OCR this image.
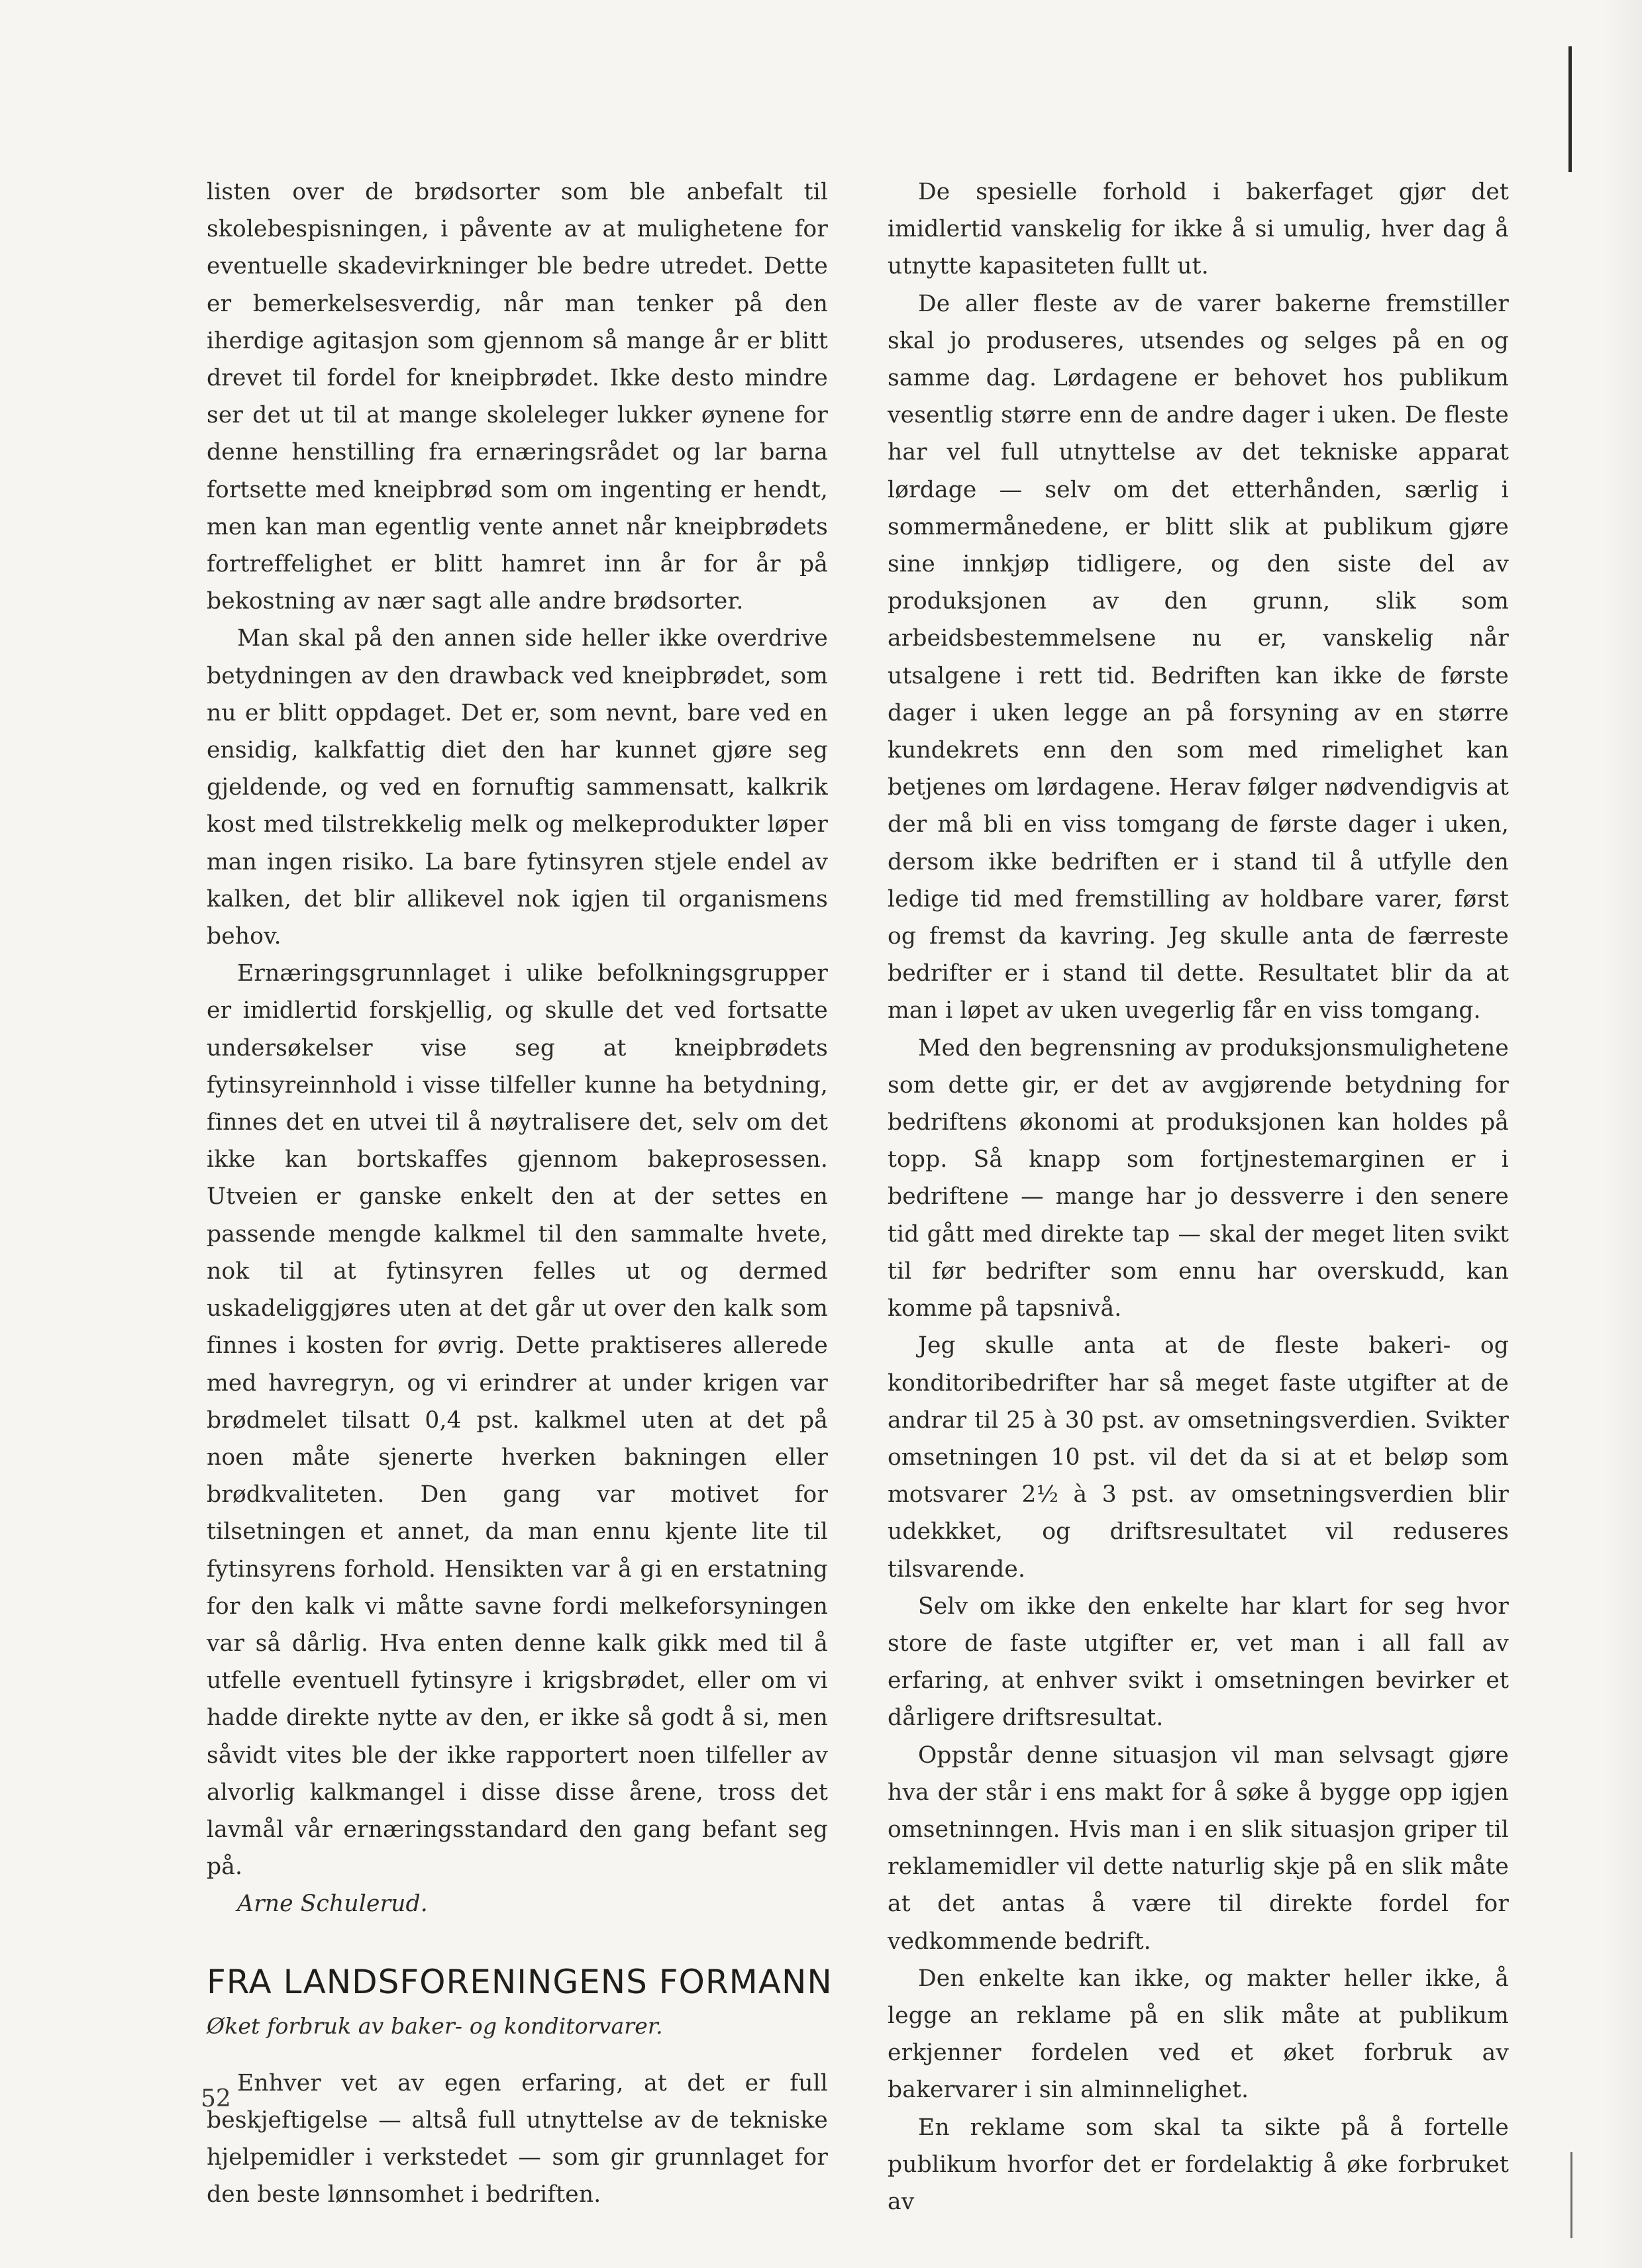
listen over de brødsorter som ble anbefalt til skolebespisningen, i påvente av at mulighetene for eventuelle skadevirkninger ble bedre utredet. Dette er bemerkelsesverdig, når man tenker på den iherdige agitasjon som gjennom så mange år er blitt drevet til fordel for kneipbrødet. Ikke desto mindre ser det ut til at mange skoleleger lukker øynene for denne henstilling fra ernæringsrådet og lar barna fortsette med kneipbrød som om ingenting er hendt, men kan man egentlig vente annet når kneipbrødets fortreffelighet er blitt hamret inn år for år på bekostning av nær sagt alle andre brødsorter.

Man skal på den annen side heller ikke overdrive betydningen av den drawback ved kneipbrødet, som nu er blitt oppdaget. Det er, som nevnt, bare ved en ensidig, kalkfattig diet den har kunnet gjøre seg gjeldende, og ved en fornuftig sammensatt, kalkrik kost med tilstrekkelig melk og melkeprodukter løper man ingen risiko. La bare fytinsyren stjele endel av kalken, det blir allikevel nok igjen til organismens behov.

Ernæringsgrunnlaget i ulike befolkningsgrupper er imidlertid forskjellig, og skulle det ved fortsatte undersøkelser vise seg at kneipbrødets fytinsyreinnhold i visse tilfeller kunne ha betydning, finnes det en utvei til å nøytralisere det, selv om det ikke kan bortskaffes gjennom bakeprosessen. Utveien er ganske enkelt den at der settes en passende mengde kalkmel til den sammalte hvete, nok til at fytinsyren felles ut og dermed uskadeliggjøres uten at det går ut over den kalk som finnes i kosten for øvrig. Dette praktiseres allerede med havregryn, og vi erindrer at under krigen var brødmelet tilsatt 0,4 pst. kalkmel uten at det på noen måte sjenerte hverken bakningen eller brødkvaliteten. Den gang var motivet for tilsetningen et annet, da man ennu kjente lite til fytinsyrens forhold. Hensikten var å gi en erstatning for den kalk vi måtte savne fordi melkeforsyningen var så dårlig. Hva enten denne kalk gikk med til å utfelle eventuell fytinsyre i krigsbrødet, eller om vi hadde direkte nytte av den, er ikke så godt å si, men såvidt vites ble der ikke rapportert noen tilfeller av alvorlig kalkmangel i disse disse årene, tross det lavmål vår ernæringsstandard den gang befant seg på.

Arne Schulerud.

FRA LANDSFORENINGENS FORMANN
Øket forbruk av baker- og konditorvarer.

Enhver vet av egen erfaring, at det er full beskjeftigelse — altså full utnyttelse av de tekniske hjelpemidler i verkstedet — som gir grunnlaget for den beste lønnsomhet i bedriften.

De spesielle forhold i bakerfaget gjør det imidlertid vanskelig for ikke å si umulig, hver dag å utnytte kapasiteten fullt ut.

De aller fleste av de varer bakerne fremstiller skal jo produseres, utsendes og selges på en og samme dag. Lørdagene er behovet hos publikum vesentlig større enn de andre dager i uken. De fleste har vel full utnyttelse av det tekniske apparat lørdage — selv om det etterhånden, særlig i sommermånedene, er blitt slik at publikum gjøre sine innkjøp tidligere, og den siste del av produksjonen av den grunn, slik som arbeidsbestemmelsene nu er, vanskelig når utsalgene i rett tid. Bedriften kan ikke de første dager i uken legge an på forsyning av en større kundekrets enn den som med rimelighet kan betjenes om lørdagene. Herav følger nødvendigvis at der må bli en viss tomgang de første dager i uken, dersom ikke bedriften er i stand til å utfylle den ledige tid med fremstilling av holdbare varer, først og fremst da kavring. Jeg skulle anta de færreste bedrifter er i stand til dette. Resultatet blir da at man i løpet av uken uvegerlig får en viss tomgang.

Med den begrensning av produksjonsmulighetene som dette gir, er det av avgjørende betydning for bedriftens økonomi at produksjonen kan holdes på topp. Så knapp som fortjnestemarginen er i bedriftene — mange har jo dessverre i den senere tid gått med direkte tap — skal der meget liten svikt til før bedrifter som ennu har overskudd, kan komme på tapsnivå.

Jeg skulle anta at de fleste bakeri- og konditoribedrifter har så meget faste utgifter at de andrar til 25 à 30 pst. av omsetningsverdien. Svikter omsetningen 10 pst. vil det da si at et beløp som motsvarer 2½ à 3 pst. av omsetningsverdien blir udekkket, og driftsresultatet vil reduseres tilsvarende.

Selv om ikke den enkelte har klart for seg hvor store de faste utgifter er, vet man i all fall av erfaring, at enhver svikt i omsetningen bevirker et dårligere driftsresultat.

Oppstår denne situasjon vil man selvsagt gjøre hva der står i ens makt for å søke å bygge opp igjen omsetninngen. Hvis man i en slik situasjon griper til reklamemidler vil dette naturlig skje på en slik måte at det antas å være til direkte fordel for vedkommende bedrift.

Den enkelte kan ikke, og makter heller ikke, å legge an reklame på en slik måte at publikum erkjenner fordelen ved et øket forbruk av bakervarer i sin alminnelighet.

En reklame som skal ta sikte på å fortelle publikum hvorfor det er fordelaktig å øke forbruket av

52
